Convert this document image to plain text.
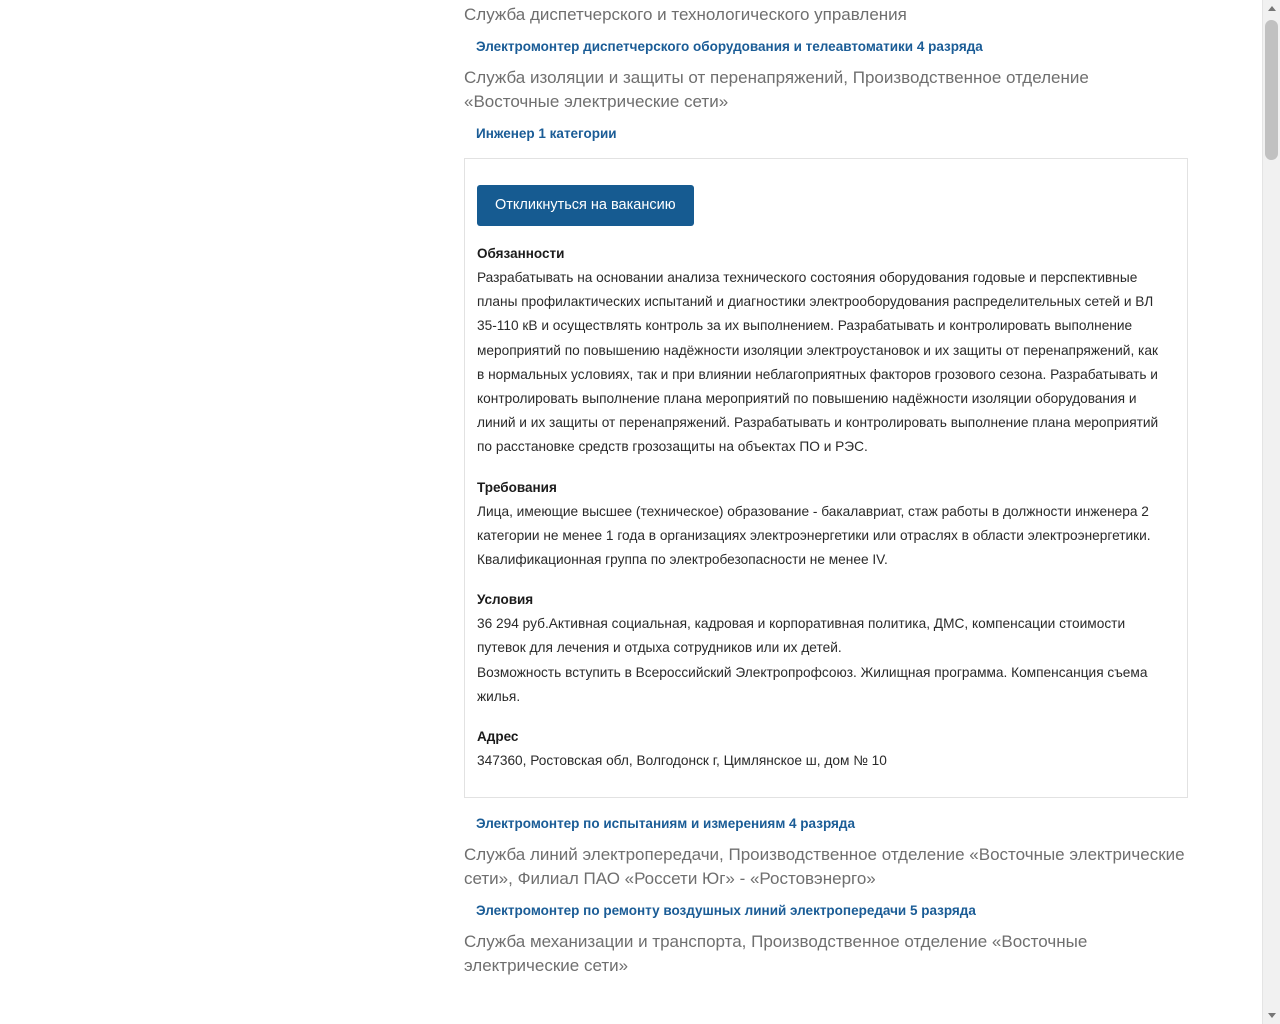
Служба диспетчерского и технологического управления
Электромонтер диспетчерского оборудования и телеавтоматики 4 разряда
Служба изоляции и защиты от перенапряжений, Производственное отделение «Восточные электрические сети»
Инженер 1 категории
Откликнуться на вакансию
Обязанности

Разрабатывать на основании анализа технического состояния оборудования годовые и перспективные планы профилактических испытаний и диагностики электрооборудования распределительных сетей и ВЛ 35-110 кВ и осуществлять контроль за их выполнением. Разрабатывать и контролировать выполнение мероприятий по повышению надёжности изоляции электроустановок и их защиты от перенапряжений, как в нормальных условиях, так и при влиянии неблагоприятных факторов грозового сезона. Разрабатывать и контролировать выполнение плана мероприятий по повышению надёжности изоляции оборудования и линий и их защиты от перенапряжений. Разрабатывать и контролировать выполнение плана мероприятий по расстановке средств грозозащиты на объектах ПО и РЭС.

Требования

Лица, имеющие высшее (техническое) образование - бакалавриат, стаж работы в должности инженера 2 категории не менее 1 года в организациях электроэнергетики или отраслях в области электроэнергетики. Квалификационная группа по электробезопасности не менее IV.

Условия

36 294 руб.Активная социальная, кадровая и корпоративная политика, ДМС, компенсации стоимости путевок для лечения и отдыха сотрудников или их детей.

Возможность вступить в Всероссийский Электропрофсоюз. Жилищная программа. Компенсанция съема жилья.

Адрес

347360, Ростовская обл, Волгодонск г, Цимлянское ш, дом № 10

Электромонтер по испытаниям и измерениям 4 разряда
Служба линий электропередачи, Производственное отделение «Восточные электрические сети», Филиал ПАО «Россети Юг» - «Ростовэнерго»
Электромонтер по ремонту воздушных линий электропередачи 5 разряда
Служба механизации и транспорта, Производственное отделение «Восточные электрические сети»
